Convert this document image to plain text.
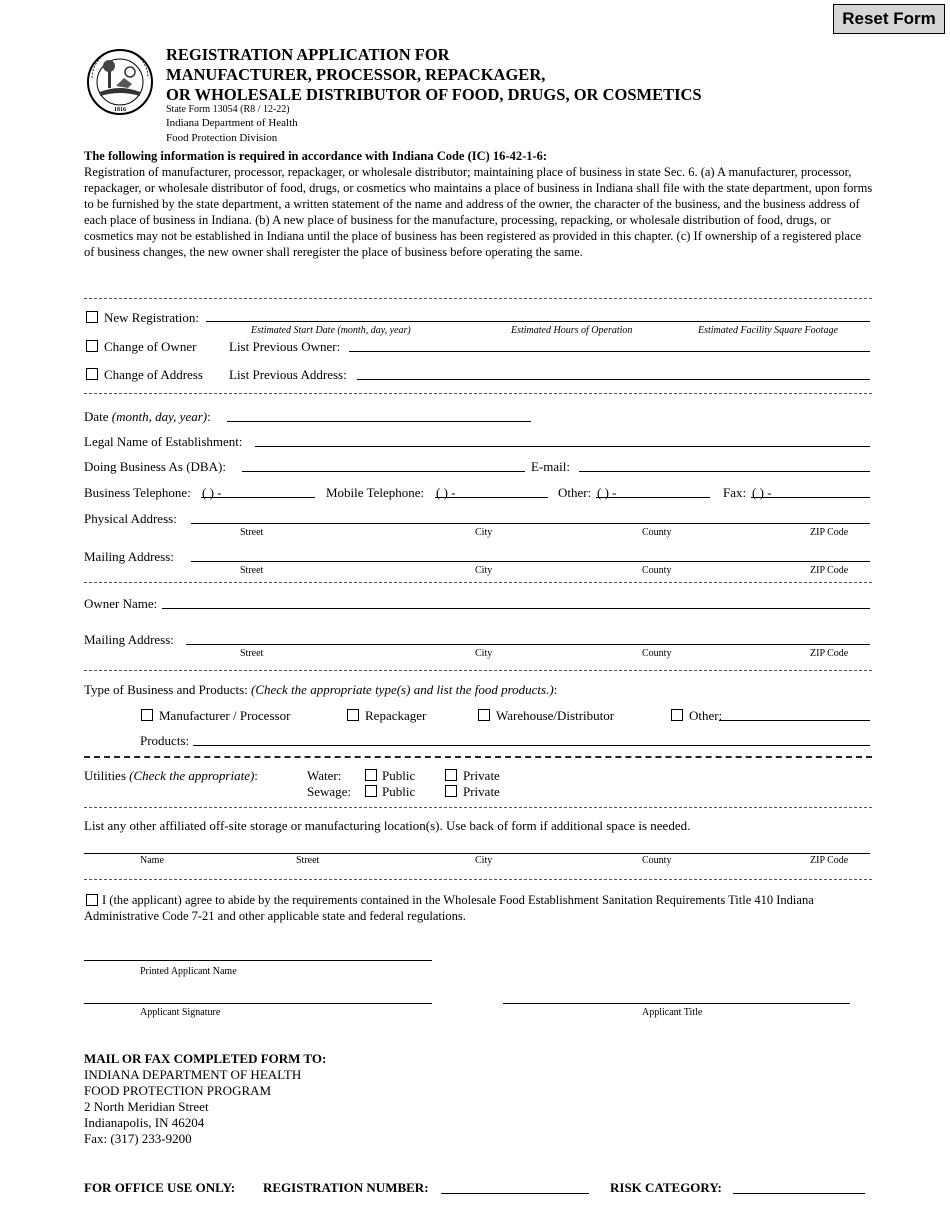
Reset Form
1816
REGISTRATION APPLICATION FOR
MANUFACTURER, PROCESSOR, REPACKAGER,
OR WHOLESALE DISTRIBUTOR OF FOOD, DRUGS, OR COSMETICS
State Form 13054 (R8 / 12-22)
Indiana Department of Health
Food Protection Division
The following information is required in accordance with Indiana Code (IC) 16-42-1-6:
Registration of manufacturer, processor, repackager, or wholesale distributor; maintaining place of business in state Sec. 6. (a) A manufacturer, processor, repackager, or wholesale distributor of food, drugs, or cosmetics who maintains a place of business in Indiana shall file with the state department, upon forms to be furnished by the state department, a written statement of the name and address of the owner, the character of the business, and the business address of each place of business in Indiana. (b) A new place of business for the manufacture, processing, repacking, or wholesale distribution of food, drugs, or cosmetics may not be established in Indiana until the place of business has been registered as provided in this chapter. (c) If ownership of a registered place of business changes, the new owner shall reregister the place of business before operating the same.
New Registration:
Estimated Start Date (month, day, year)	Estimated Hours of Operation	Estimated Facility Square Footage
Change of Owner	List Previous Owner:
Change of Address List Previous Address:
Date (month, day, year):
Legal Name of Establishment:
Doing Business As (DBA):	E-mail:
Business Telephone: ( ) -	Mobile Telephone: ( ) -	Other: ( ) -	Fax: ( ) -
Physical Address:
Street	City	County	ZIP Code
Mailing Address:
Street	City	County	ZIP Code
Owner Name:
Mailing Address:
Street	City	County	ZIP Code
Type of Business and Products: (Check the appropriate type(s) and list the food products.):
Manufacturer / Processor	Repackager	Warehouse/Distributor	Other:
Products:
Utilities (Check the appropriate):	Water:	Public	Private
Sewage: Public	Private
List any other affiliated off-site storage or manufacturing location(s). Use back of form if additional space is needed.
Name	Street	City	County	ZIP Code
I (the applicant) agree to abide by the requirements contained in the Wholesale Food Establishment Sanitation Requirements Title 410 Indiana Administrative Code 7-21 and other applicable state and federal regulations.
Printed Applicant Name
Applicant Signature	Applicant Title
MAIL OR FAX COMPLETED FORM TO:
INDIANA DEPARTMENT OF HEALTH
FOOD PROTECTION PROGRAM
2 North Meridian Street
Indianapolis, IN 46204
Fax: (317) 233-9200
FOR OFFICE USE ONLY: REGISTRATION NUMBER:	RISK CATEGORY:
